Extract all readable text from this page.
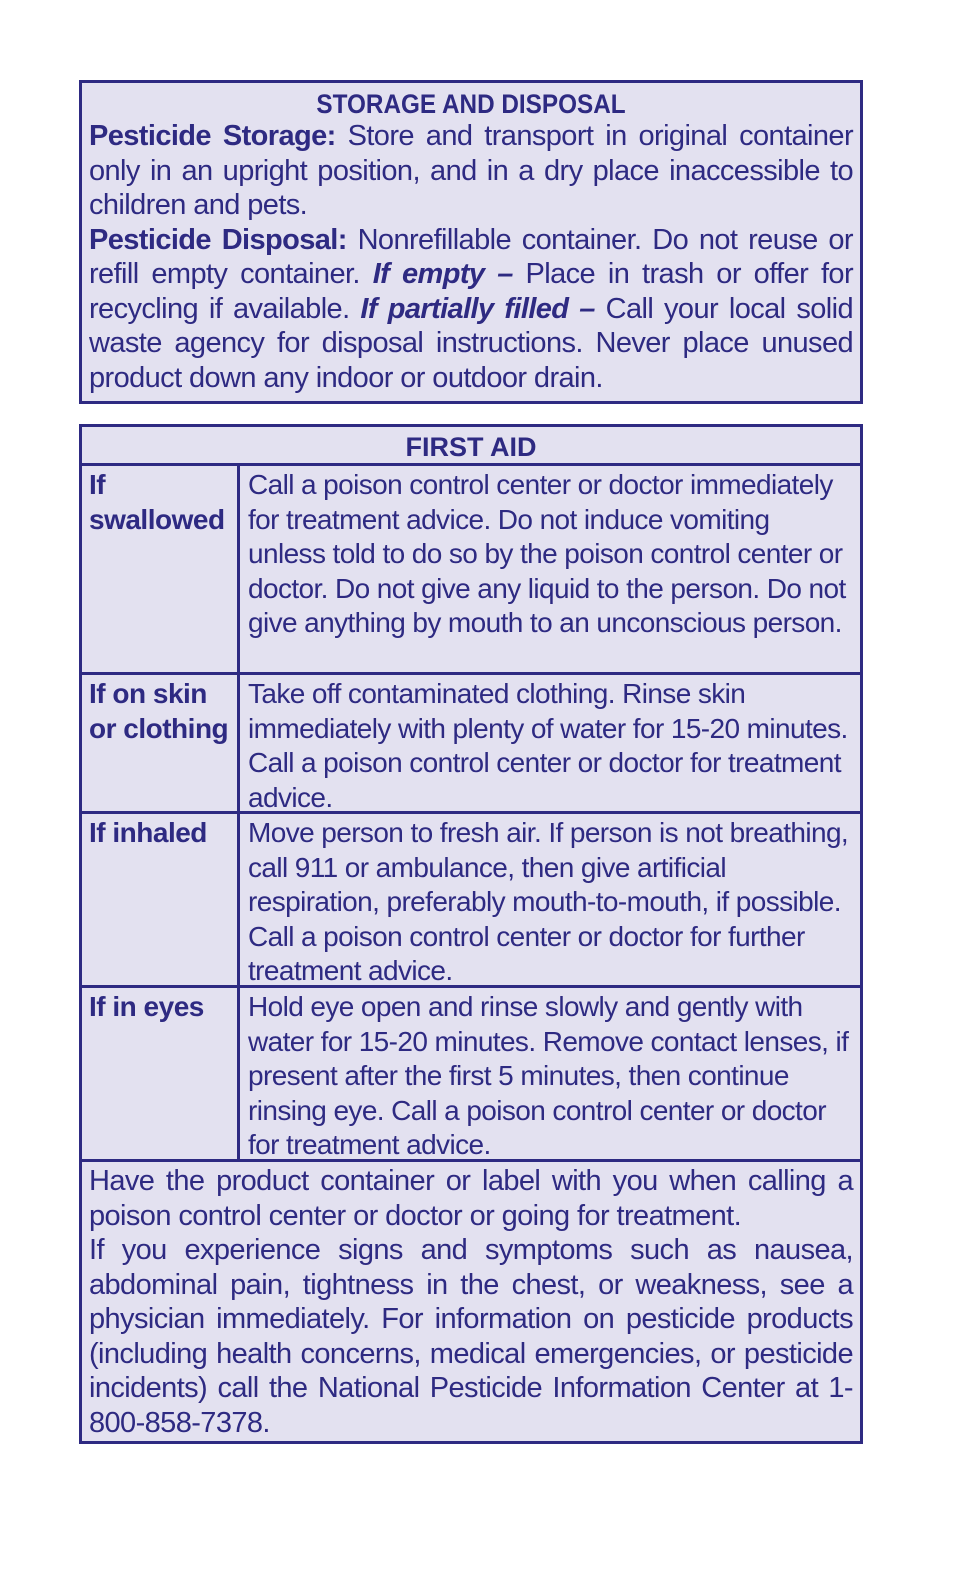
STORAGE AND DISPOSAL
Pesticide Storage: Store and transport in original container only in an upright position, and in a dry place inaccessible to children and pets.
Pesticide Disposal: Nonrefillable container. Do not reuse or refill empty container. If empty – Place in trash or offer for recycling if available. If partially filled – Call your local solid waste agency for disposal instructions. Never place unused product down any indoor or outdoor drain.
FIRST AID
If swallowed
Call a poison control center or doctor immediately for treatment advice. Do not induce vomiting unless told to do so by the poison control center or doctor. Do not give any liquid to the person. Do not give anything by mouth to an unconscious person.
If on skin or clothing
Take off contaminated clothing. Rinse skin immediately with plenty of water for 15-20 minutes. Call a poison control center or doctor for treatment advice.
If inhaled	Move person to fresh air. If person is not breathing, call 911 or ambulance, then give artificial respiration, preferably mouth-to-mouth, if possible. Call a poison control center or doctor for further treatment advice.
If in eyes	Hold eye open and rinse slowly and gently with water for 15-20 minutes. Remove contact lenses, if present after the first 5 minutes, then continue rinsing eye. Call a poison control center or doctor for treatment advice.
Have the product container or label with you when calling a poison control center or doctor or going for treatment.
If you experience signs and symptoms such as nausea, abdominal pain, tightness in the chest, or weakness, see a physician immediately. For information on pesticide products (including health concerns, medical emergencies, or pesticide incidents) call the National Pesticide Information Center at 1-800-858-7378.
